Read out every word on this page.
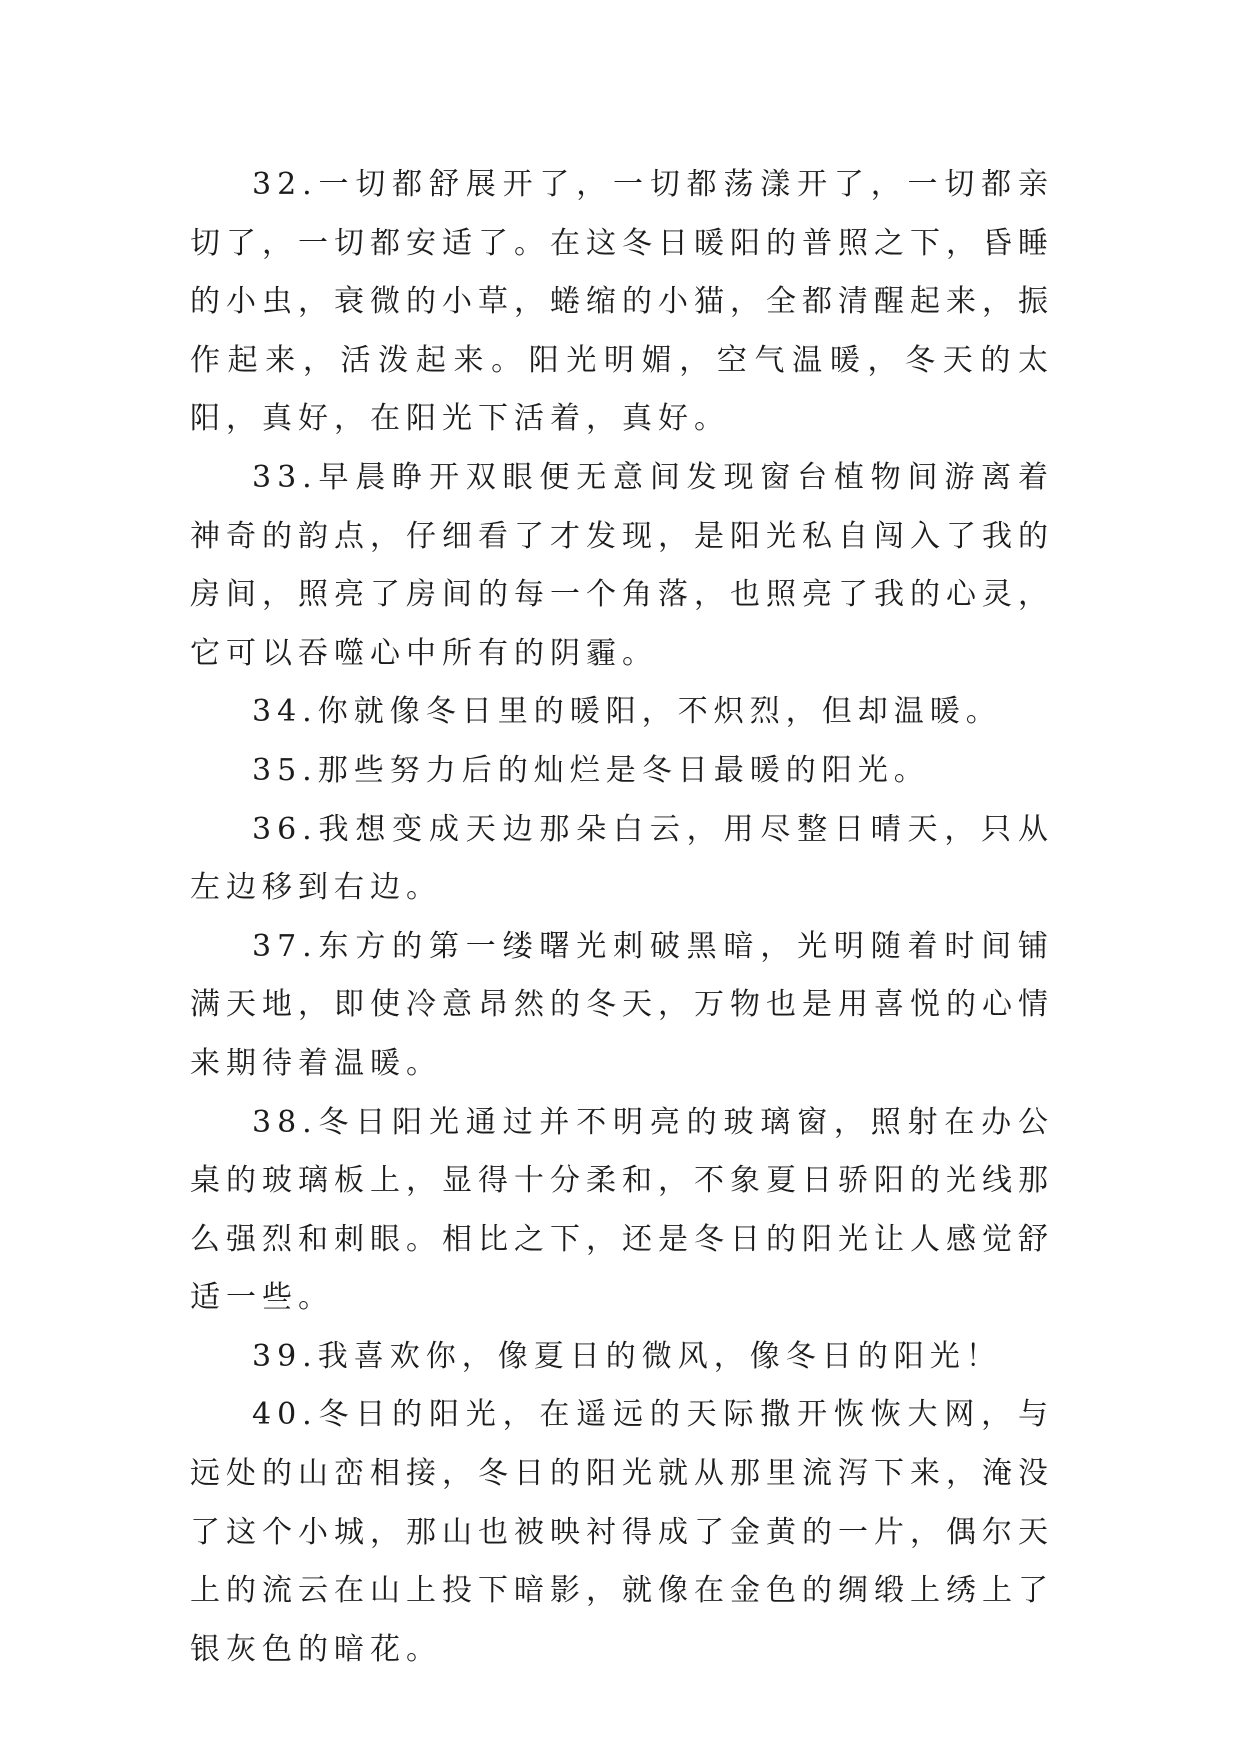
32.一切都舒展开了，一切都荡漾开了，一切都亲切了，一切都安适了。在这冬日暖阳的普照之下，昏睡的小虫，衰微的小草，蜷缩的小猫，全都清醒起来，振作起来，活泼起来。阳光明媚，空气温暖，冬天的太阳，真好，在阳光下活着，真好。

33.早晨睁开双眼便无意间发现窗台植物间游离着神奇的韵点，仔细看了才发现，是阳光私自闯入了我的房间，照亮了房间的每一个角落，也照亮了我的心灵，它可以吞噬心中所有的阴霾。

34.你就像冬日里的暖阳，不炽烈，但却温暖。

35.那些努力后的灿烂是冬日最暖的阳光。

36.我想变成天边那朵白云，用尽整日晴天，只从左边移到右边。

37.东方的第一缕曙光刺破黑暗，光明随着时间铺满天地，即使冷意昂然的冬天，万物也是用喜悦的心情来期待着温暖。

38.冬日阳光通过并不明亮的玻璃窗，照射在办公桌的玻璃板上，显得十分柔和，不象夏日骄阳的光线那么强烈和刺眼。相比之下，还是冬日的阳光让人感觉舒适一些。

39.我喜欢你，像夏日的微风，像冬日的阳光！

40.冬日的阳光，在遥远的天际撒开恢恢大网，与远处的山峦相接，冬日的阳光就从那里流泻下来，淹没了这个小城，那山也被映衬得成了金黄的一片，偶尔天上的流云在山上投下暗影，就像在金色的绸缎上绣上了银灰色的暗花。
